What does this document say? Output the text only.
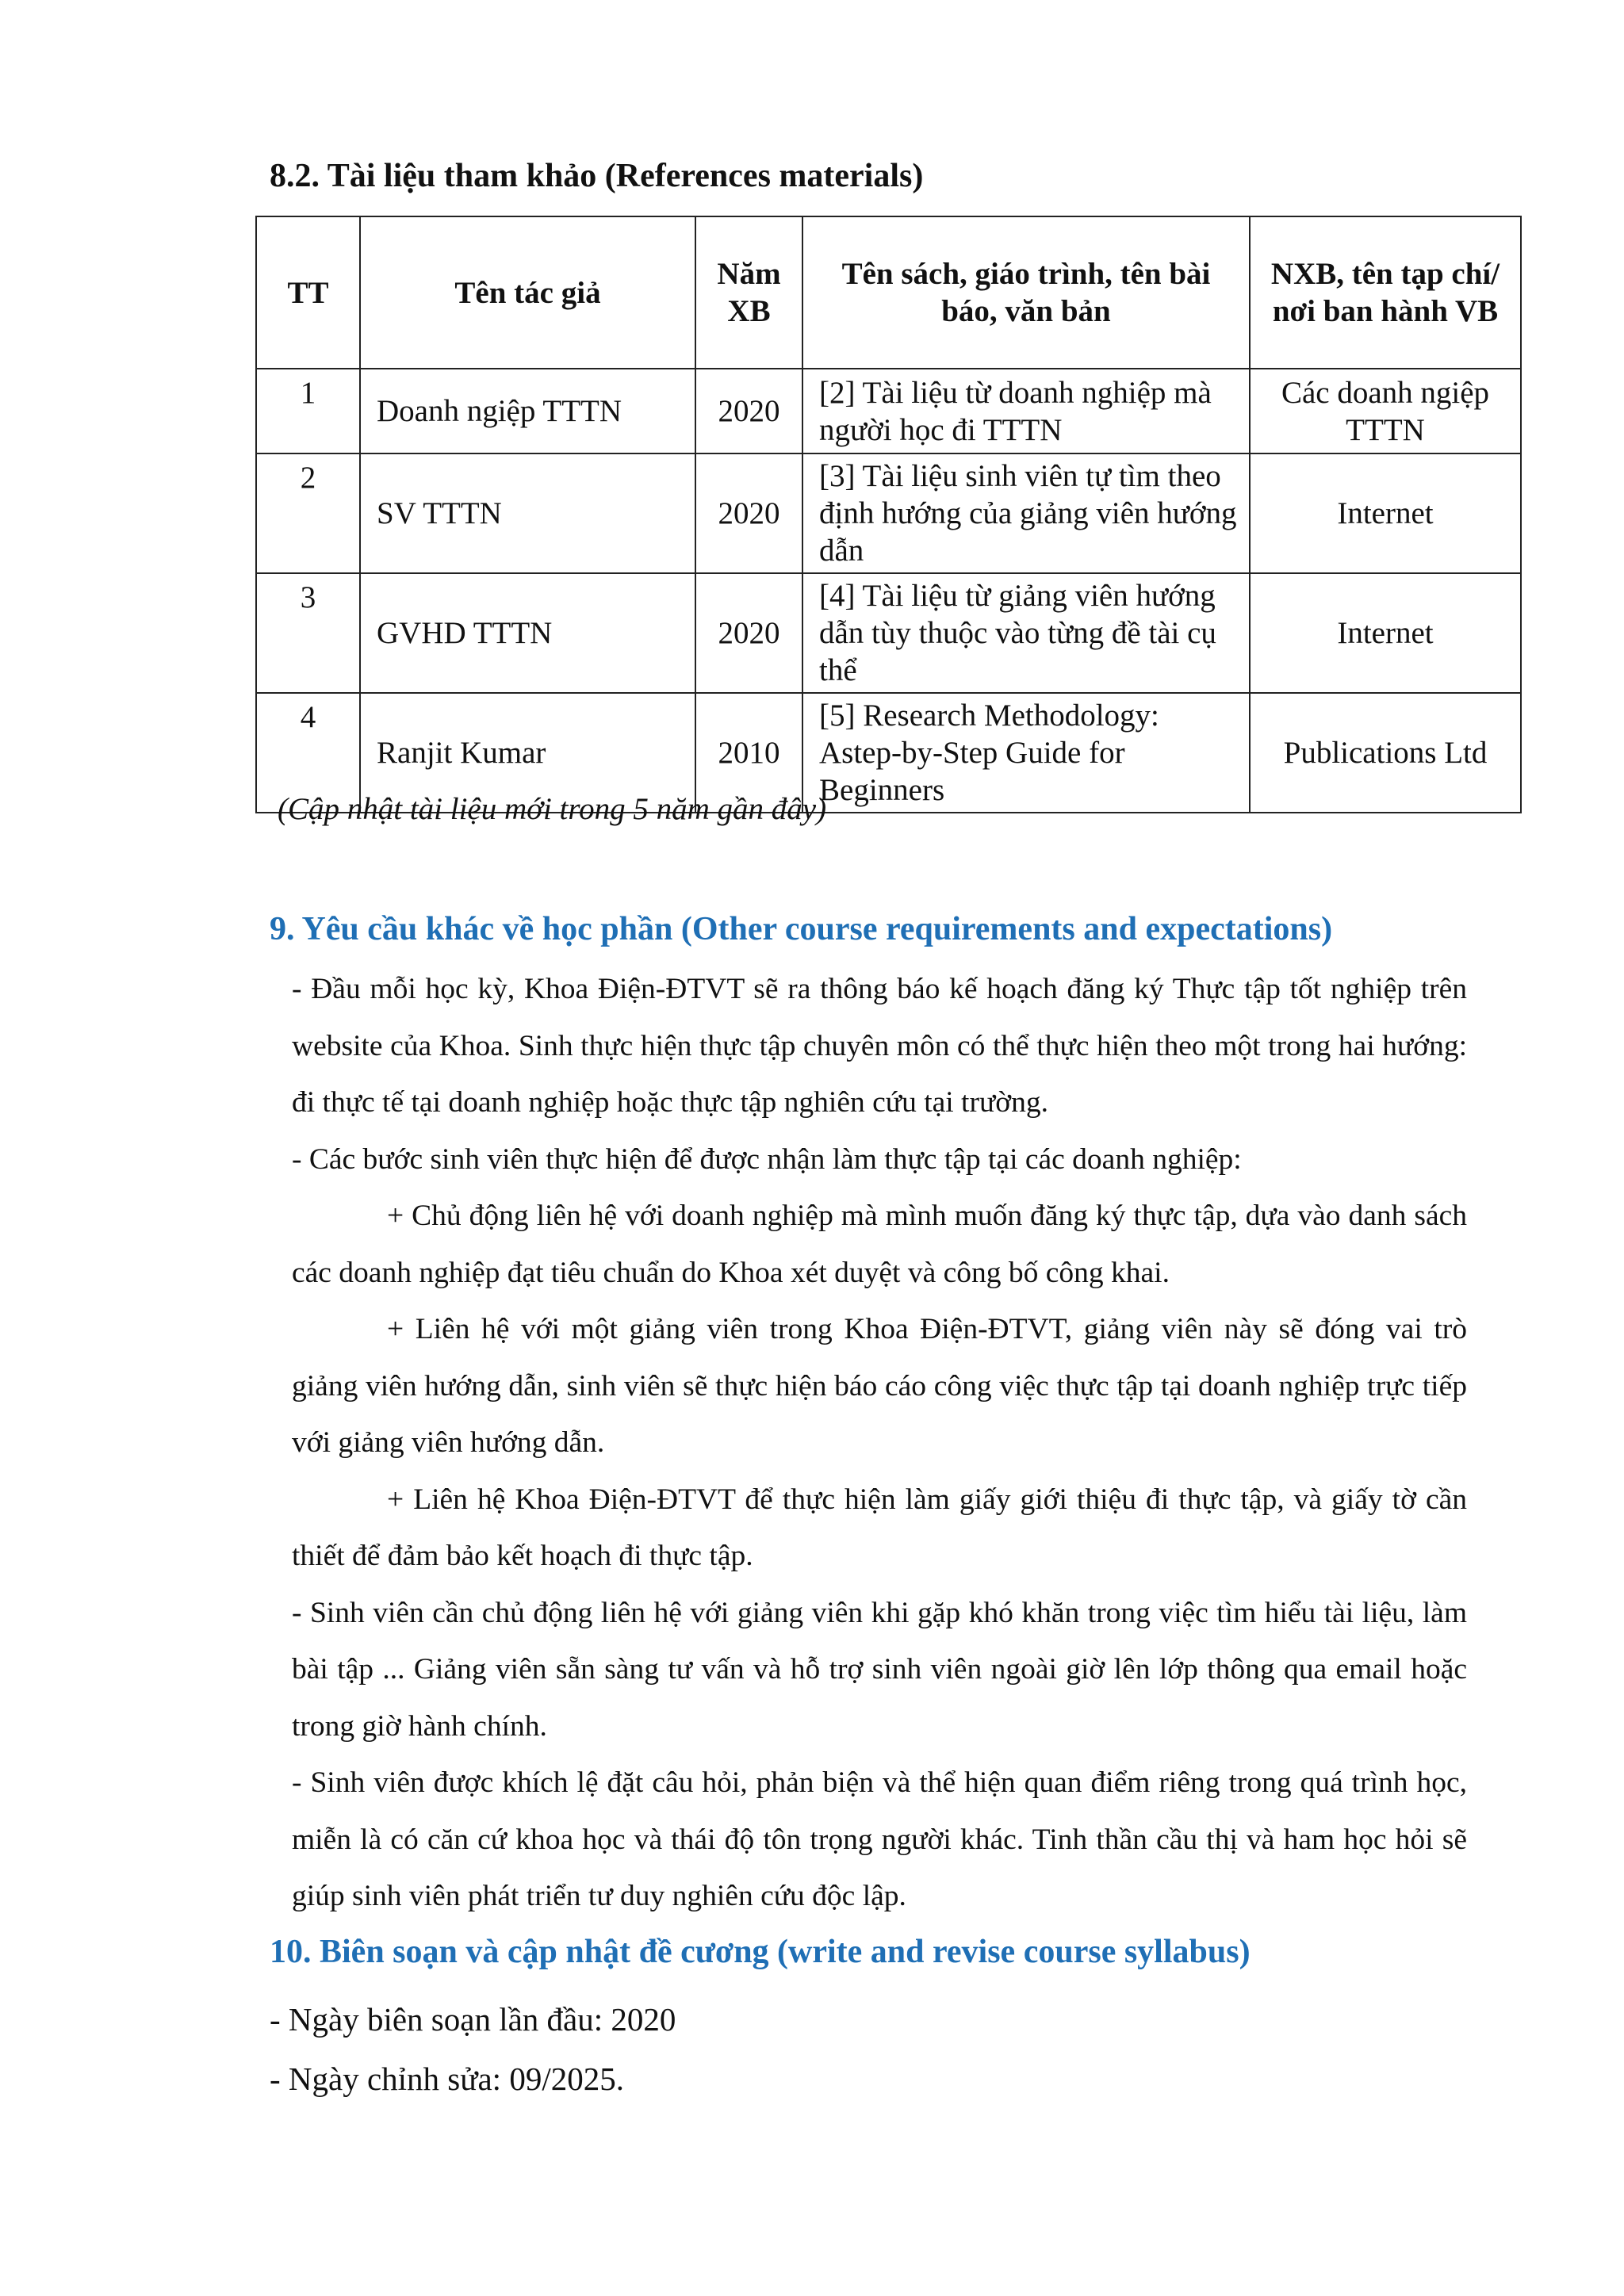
8.2. Tài liệu tham khảo (References materials)
TT	Tên tác giả	Năm XB	Tên sách, giáo trình, tên bài báo, văn bản	NXB, tên tạp chí/ nơi ban hành VB
1	Doanh ngiệp TTTN	2020	[2] Tài liệu từ doanh nghiệp mà người học đi TTTN	Các doanh ngiệp TTTN
2	SV TTTN	2020	[3] Tài liệu sinh viên tự tìm theo định hướng của giảng viên hướng dẫn	Internet
3	GVHD TTTN	2020	[4] Tài liệu từ giảng viên hướng dẫn tùy thuộc vào từng đề tài cụ thể	Internet
4	Ranjit Kumar	2010	[5] Research Methodology: Astep-by-Step Guide for Beginners	Publications Ltd
(Cập nhật tài liệu mới trong 5 năm gần đây)
9. Yêu cầu khác về học phần (Other course requirements and expectations)

- Đầu mỗi học kỳ, Khoa Điện-ĐTVT sẽ ra thông báo kế hoạch đăng ký Thực tập tốt nghiệp trên website của Khoa. Sinh thực hiện thực tập chuyên môn có thể thực hiện theo một trong hai hướng: đi thực tế tại doanh nghiệp hoặc thực tập nghiên cứu tại trường.

- Các bước sinh viên thực hiện để được nhận làm thực tập tại các doanh nghiệp:

+ Chủ động liên hệ với doanh nghiệp mà mình muốn đăng ký thực tập, dựa vào danh sách các doanh nghiệp đạt tiêu chuẩn do Khoa xét duyệt và công bố công khai.

+ Liên hệ với một giảng viên trong Khoa Điện-ĐTVT, giảng viên này sẽ đóng vai trò giảng viên hướng dẫn, sinh viên sẽ thực hiện báo cáo công việc thực tập tại doanh nghiệp trực tiếp với giảng viên hướng dẫn.

+ Liên hệ Khoa Điện-ĐTVT để thực hiện làm giấy giới thiệu đi thực tập, và giấy tờ cần thiết để đảm bảo kết hoạch đi thực tập.

- Sinh viên cần chủ động liên hệ với giảng viên khi gặp khó khăn trong việc tìm hiểu tài liệu, làm bài tập ... Giảng viên sẵn sàng tư vấn và hỗ trợ sinh viên ngoài giờ lên lớp thông qua email hoặc trong giờ hành chính.

- Sinh viên được khích lệ đặt câu hỏi, phản biện và thể hiện quan điểm riêng trong quá trình học, miễn là có căn cứ khoa học và thái độ tôn trọng người khác. Tinh thần cầu thị và ham học hỏi sẽ giúp sinh viên phát triển tư duy nghiên cứu độc lập.

10. Biên soạn và cập nhật đề cương (write and revise course syllabus)

- Ngày biên soạn lần đầu: 2020

- Ngày chỉnh sửa: 09/2025.
